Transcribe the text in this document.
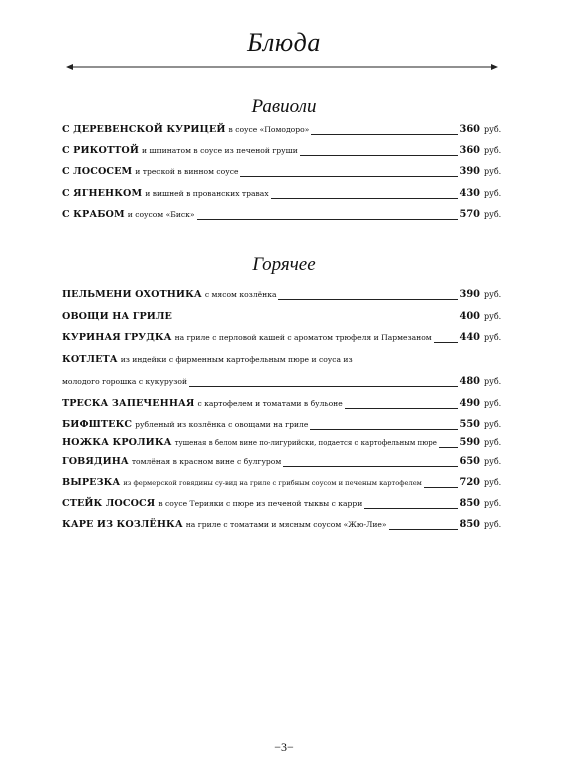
Блюда
Равиоли
С ДЕРЕВЕНСКОЙ КУРИЦЕЙ в соусе «Помодоро»	360 руб.
С РИКОТТОЙ и шпинатом в соусе из печеной груши	360 руб.
С ЛОСОСЕМ и треской в винном соусе	390 руб.
С ЯГНЕНКОМ и вишней в прованских травах	430 руб.
С КРАБОМ и соусом «Биск»	570 руб.
Горячее
ПЕЛЬМЕНИ ОХОТНИКА с мясом козлёнка	390 руб.
ОВОЩИ НА ГРИЛЕ	400 руб.
КУРИНАЯ ГРУДКА на гриле с перловой кашей с ароматом трюфеля и Пармезаном	440 руб.
КОТЛЕТА из индейки с фирменным картофельным пюре и соуса из
молодого горошка с кукурузой	480 руб.
ТРЕСКА ЗАПЕЧЕННАЯ с картофелем и томатами в бульоне	490 руб.
БИФШТЕКС рубленый из козлёнка с овощами на гриле	550 руб.
НОЖКА КРОЛИКА тушеная в белом вине по-лигурийски, подается с картофельным пюре 590 руб.
ГОВЯДИНА томлёная в красном вине с булгуром	650 руб.
ВЫРЕЗКА из фермерской говядины су-вид на гриле с грибным соусом и печеным картофелем	720 руб.
СТЕЙК ЛОСОСЯ в соусе Терияки с пюре из печеной тыквы с карри	850 руб.
КАРЕ ИЗ КОЗЛЁНКА на гриле с томатами и мясным соусом «Жю-Лие»	850 руб.
−3−
